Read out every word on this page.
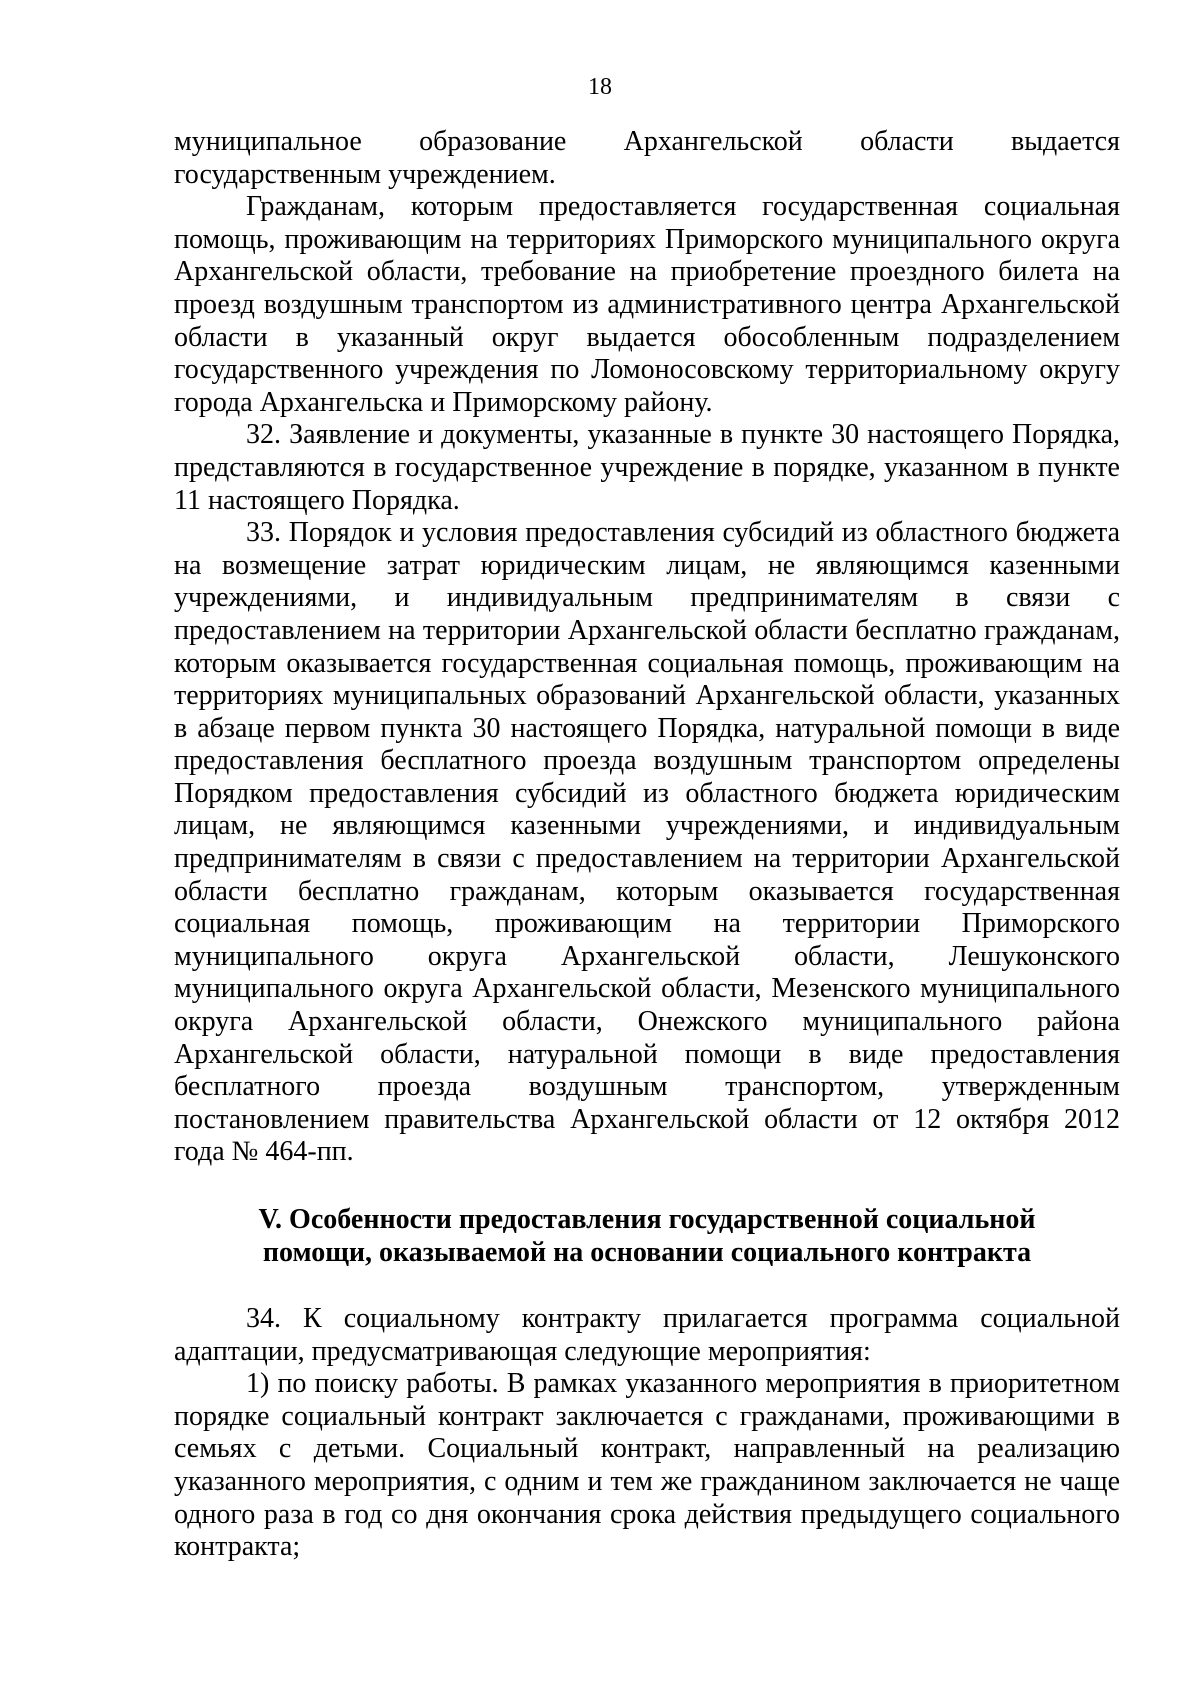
18

муниципальное образование Архангельской области выдается государственным учреждением.

Гражданам, которым предоставляется государственная социальная помощь, проживающим на территориях Приморского муниципального округа Архангельской области, требование на приобретение проездного билета на проезд воздушным транспортом из административного центра Архангельской области в указанный округ выдается обособленным подразделением государственного учреждения по Ломоносовскому территориальному округу города Архангельска и Приморскому району.

32. Заявление и документы, указанные в пункте 30 настоящего Порядка, представляются в государственное учреждение в порядке, указанном в пункте 11 настоящего Порядка.

33. Порядок и условия предоставления субсидий из областного бюджета на возмещение затрат юридическим лицам, не являющимся казенными учреждениями, и индивидуальным предпринимателям в связи с предоставлением на территории Архангельской области бесплатно гражданам, которым оказывается государственная социальная помощь, проживающим на территориях муниципальных образований Архангельской области, указанных в абзаце первом пункта 30 настоящего Порядка, натуральной помощи в виде предоставления бесплатного проезда воздушным транспортом определены Порядком предоставления субсидий из областного бюджета юридическим лицам, не являющимся казенными учреждениями, и индивидуальным предпринимателям в связи с предоставлением на территории Архангельской области бесплатно гражданам, которым оказывается государственная социальная помощь, проживающим на территории Приморского муниципального округа Архангельской области, Лешуконского муниципального округа Архангельской области, Мезенского муниципального округа Архангельской области, Онежского муниципального района Архангельской области, натуральной помощи в виде предоставления бесплатного проезда воздушным транспортом, утвержденным постановлением правительства Архангельской области от 12 октября 2012 года № 464-пп.

V. Особенности предоставления государственной социальной
помощи, оказываемой на основании социального контракта

34. К социальному контракту прилагается программа социальной адаптации, предусматривающая следующие мероприятия:

1) по поиску работы. В рамках указанного мероприятия в приоритетном порядке социальный контракт заключается с гражданами, проживающими в семьях с детьми. Социальный контракт, направленный на реализацию указанного мероприятия, с одним и тем же гражданином заключается не чаще одного раза в год со дня окончания срока действия предыдущего социального контракта;
